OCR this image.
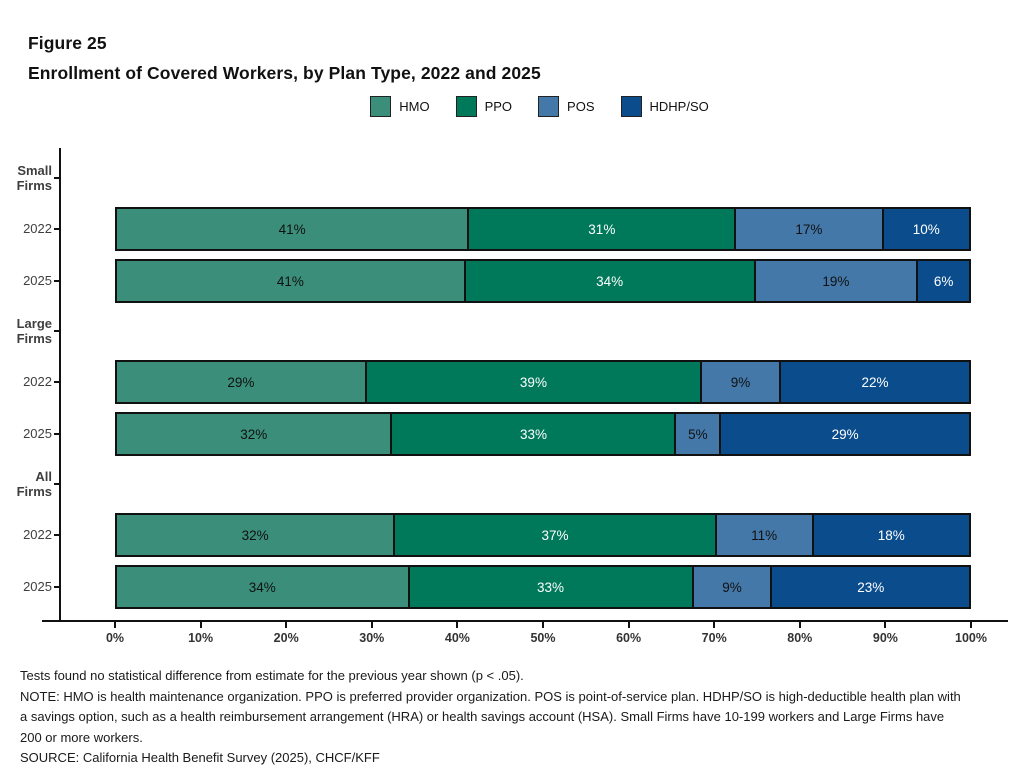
Figure 25
Enrollment of Covered Workers, by Plan Type, 2022 and 2025
HMO	PPO	POS	HDHP/SO
0%	10%	20%	30%	40%	50%	60%	70%	80%	90%	100%
Small
Firms
2022	41%	31%	17%	10%
2025	41%	34%	19%	6%
Large
Firms
2022	29%	39%	9%	22%
2025	32%	33%	5%	29%
All
Firms
2022	32%	37%	11%	18%
2025	34%	33%	9%	23%

Tests found no statistical difference from estimate for the previous year shown (p < .05).

NOTE: HMO is health maintenance organization. PPO is preferred provider organization. POS is point-of-service plan. HDHP/SO is high-deductible health plan with a savings option, such as a health reimbursement arrangement (HRA) or health savings account (HSA). Small Firms have 10-199 workers and Large Firms have 200 or more workers.

SOURCE: California Health Benefit Survey (2025), CHCF/KFF
